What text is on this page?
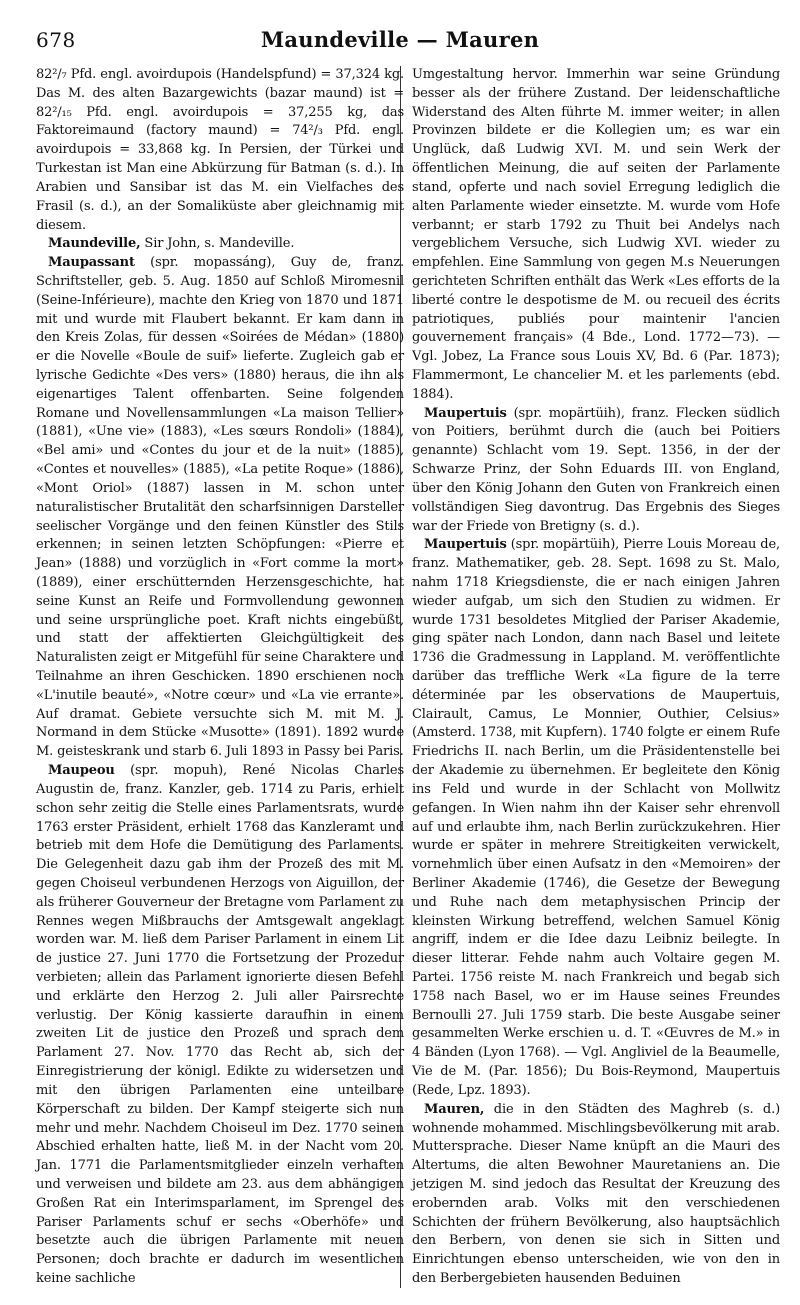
678	Maundeville — Mauren

82²/₇ Pfd. engl. avoirdupois (Handelspfund) = 37,324 kg. Das M. des alten Bazargewichts (bazar maund) ist = 82²/₁₅ Pfd. engl. avoirdupois = 37,255 kg, das Faktoreimaund (factory maund) = 74²/₃ Pfd. engl. avoirdupois = 33,868 kg. In Persien, der Türkei und Turkestan ist Man eine Abkürzung für Batman (s. d.). In Arabien und Sansibar ist das M. ein Vielfaches des Frasil (s. d.), an der Somaliküste aber gleichnamig mit diesem.

Maundeville, Sir John, s. Mandeville.

Maupassant (spr. mopassáng), Guy de, franz. Schriftsteller, geb. 5. Aug. 1850 auf Schloß Miromesnil (Seine-Inférieure), machte den Krieg von 1870 und 1871 mit und wurde mit Flaubert bekannt. Er kam dann in den Kreis Zolas, für dessen «Soirées de Médan» (1880) er die Novelle «Boule de suif» lieferte. Zugleich gab er lyrische Gedichte «Des vers» (1880) heraus, die ihn als eigenartiges Talent offenbarten. Seine folgenden Romane und Novellensammlungen «La maison Tellier» (1881), «Une vie» (1883), «Les sœurs Rondoli» (1884), «Bel ami» und «Contes du jour et de la nuit» (1885), «Contes et nouvelles» (1885), «La petite Roque» (1886), «Mont Oriol» (1887) lassen in M. schon unter naturalistischer Brutalität den scharfsinnigen Darsteller seelischer Vorgänge und den feinen Künstler des Stils erkennen; in seinen letzten Schöpfungen: «Pierre et Jean» (1888) und vorzüglich in «Fort comme la mort» (1889), einer erschütternden Herzensgeschichte, hat seine Kunst an Reife und Formvollendung gewonnen und seine ursprüngliche poet. Kraft nichts eingebüßt, und statt der affektierten Gleichgültigkeit des Naturalisten zeigt er Mitgefühl für seine Charaktere und Teilnahme an ihren Geschicken. 1890 erschienen noch «L'inutile beauté», «Notre cœur» und «La vie errante». Auf dramat. Gebiete versuchte sich M. mit M. J. Normand in dem Stücke «Musotte» (1891). 1892 wurde M. geisteskrank und starb 6. Juli 1893 in Passy bei Paris.

Maupeou (spr. mopuh), René Nicolas Charles Augustin de, franz. Kanzler, geb. 1714 zu Paris, erhielt schon sehr zeitig die Stelle eines Parlamentsrats, wurde 1763 erster Präsident, erhielt 1768 das Kanzleramt und betrieb mit dem Hofe die Demütigung des Parlaments. Die Gelegenheit dazu gab ihm der Prozeß des mit M. gegen Choiseul verbundenen Herzogs von Aiguillon, der als früherer Gouverneur der Bretagne vom Parlament zu Rennes wegen Mißbrauchs der Amtsgewalt angeklagt worden war. M. ließ dem Pariser Parlament in einem Lit de justice 27. Juni 1770 die Fortsetzung der Prozedur verbieten; allein das Parlament ignorierte diesen Befehl und erklärte den Herzog 2. Juli aller Pairsrechte verlustig. Der König kassierte daraufhin in einem zweiten Lit de justice den Prozeß und sprach dem Parlament 27. Nov. 1770 das Recht ab, sich der Einregistrierung der königl. Edikte zu widersetzen und mit den übrigen Parlamenten eine unteilbare Körperschaft zu bilden. Der Kampf steigerte sich nun mehr und mehr. Nachdem Choiseul im Dez. 1770 seinen Abschied erhalten hatte, ließ M. in der Nacht vom 20. Jan. 1771 die Parlamentsmitglieder einzeln verhaften und verweisen und bildete am 23. aus dem abhängigen Großen Rat ein Interimsparlament, im Sprengel des Pariser Parlaments schuf er sechs «Oberhöfe» und besetzte auch die übrigen Parlamente mit neuen Personen; doch brachte er dadurch im wesentlichen keine sachliche

Umgestaltung hervor. Immerhin war seine Gründung besser als der frühere Zustand. Der leidenschaftliche Widerstand des Alten führte M. immer weiter; in allen Provinzen bildete er die Kollegien um; es war ein Unglück, daß Ludwig XVI. M. und sein Werk der öffentlichen Meinung, die auf seiten der Parlamente stand, opferte und nach soviel Erregung lediglich die alten Parlamente wieder einsetzte. M. wurde vom Hofe verbannt; er starb 1792 zu Thuit bei Andelys nach vergeblichem Versuche, sich Ludwig XVI. wieder zu empfehlen. Eine Sammlung von gegen M.s Neuerungen gerichteten Schriften enthält das Werk «Les efforts de la liberté contre le despotisme de M. ou recueil des écrits patriotiques, publiés pour maintenir l'ancien gouvernement français» (4 Bde., Lond. 1772—73). — Vgl. Jobez, La France sous Louis XV, Bd. 6 (Par. 1873); Flammermont, Le chancelier M. et les parlements (ebd. 1884).

Maupertuis (spr. mopärtüih), franz. Flecken südlich von Poitiers, berühmt durch die (auch bei Poitiers genannte) Schlacht vom 19. Sept. 1356, in der der Schwarze Prinz, der Sohn Eduards III. von England, über den König Johann den Guten von Frankreich einen vollständigen Sieg davontrug. Das Ergebnis des Sieges war der Friede von Bretigny (s. d.).

Maupertuis (spr. mopärtüih), Pierre Louis Moreau de, franz. Mathematiker, geb. 28. Sept. 1698 zu St. Malo, nahm 1718 Kriegsdienste, die er nach einigen Jahren wieder aufgab, um sich den Studien zu widmen. Er wurde 1731 besoldetes Mitglied der Pariser Akademie, ging später nach London, dann nach Basel und leitete 1736 die Gradmessung in Lappland. M. veröffentlichte darüber das treffliche Werk «La figure de la terre déterminée par les observations de Maupertuis, Clairault, Camus, Le Monnier, Outhier, Celsius» (Amsterd. 1738, mit Kupfern). 1740 folgte er einem Rufe Friedrichs II. nach Berlin, um die Präsidentenstelle bei der Akademie zu übernehmen. Er begleitete den König ins Feld und wurde in der Schlacht von Mollwitz gefangen. In Wien nahm ihn der Kaiser sehr ehrenvoll auf und erlaubte ihm, nach Berlin zurückzukehren. Hier wurde er später in mehrere Streitigkeiten verwickelt, vornehmlich über einen Aufsatz in den «Memoiren» der Berliner Akademie (1746), die Gesetze der Bewegung und Ruhe nach dem metaphysischen Princip der kleinsten Wirkung betreffend, welchen Samuel König angriff, indem er die Idee dazu Leibniz beilegte. In dieser litterar. Fehde nahm auch Voltaire gegen M. Partei. 1756 reiste M. nach Frankreich und begab sich 1758 nach Basel, wo er im Hause seines Freundes Bernoulli 27. Juli 1759 starb. Die beste Ausgabe seiner gesammelten Werke erschien u. d. T. «Œuvres de M.» in 4 Bänden (Lyon 1768). — Vgl. Angliviel de la Beaumelle, Vie de M. (Par. 1856); Du Bois-Reymond, Maupertuis (Rede, Lpz. 1893).

Mauren, die in den Städten des Maghreb (s. d.) wohnende mohammed. Mischlingsbevölkerung mit arab. Muttersprache. Dieser Name knüpft an die Mauri des Altertums, die alten Bewohner Mauretaniens an. Die jetzigen M. sind jedoch das Resultat der Kreuzung des erobernden arab. Volks mit den verschiedenen Schichten der frühern Bevölkerung, also hauptsächlich den Berbern, von denen sie sich in Sitten und Einrichtungen ebenso unterscheiden, wie von den in den Berbergebieten hausenden Beduinen
